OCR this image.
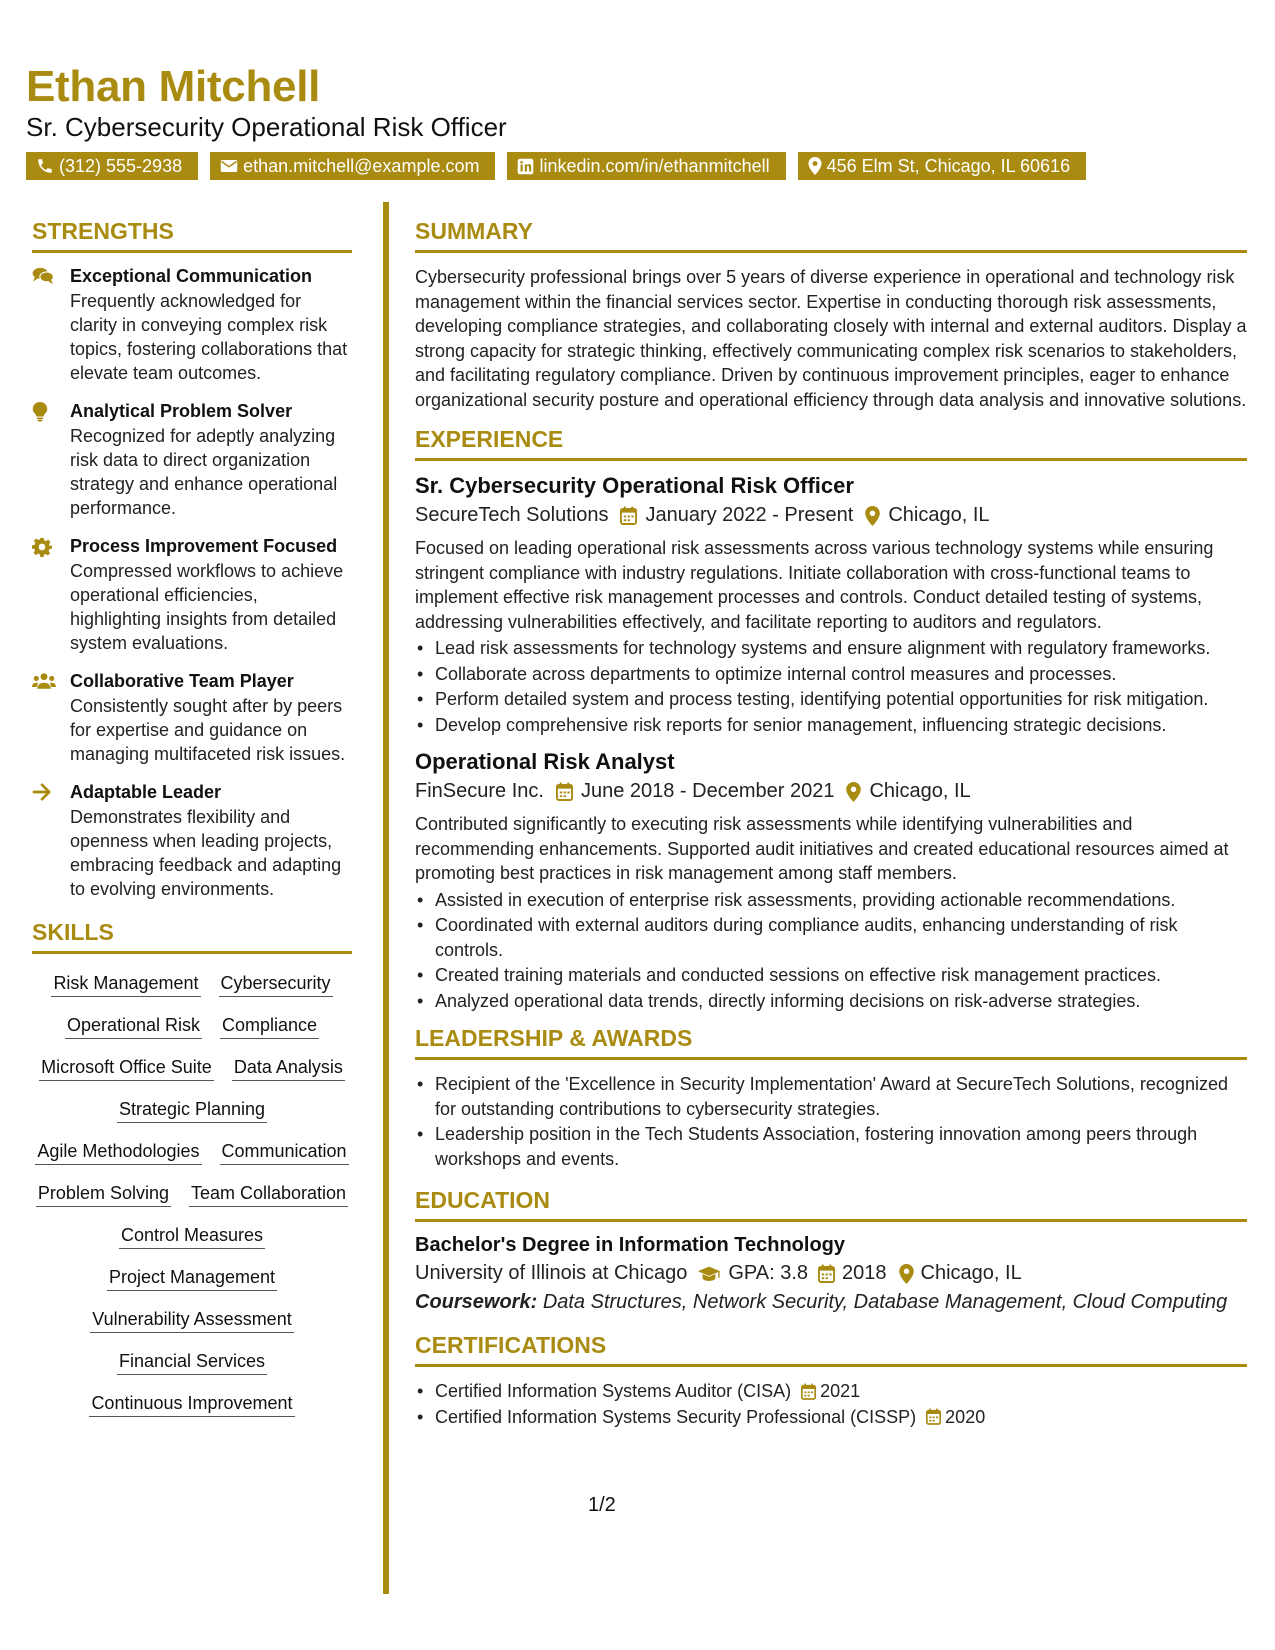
Ethan Mitchell
Sr. Cybersecurity Operational Risk Officer
(312) 555-2938	ethan.mitchell@example.com	linkedin.com/in/ethanmitchell	456 Elm St, Chicago, IL 60616
STRENGTHS
Exceptional Communication
Frequently acknowledged for clarity in conveying complex risk topics, fostering collaborations that elevate team outcomes.
Analytical Problem Solver
Recognized for adeptly analyzing risk data to direct organization strategy and enhance operational performance.
Process Improvement Focused
Compressed workflows to achieve operational efficiencies, highlighting insights from detailed system evaluations.
Collaborative Team Player
Consistently sought after by peers for expertise and guidance on managing multifaceted risk issues.
Adaptable Leader
Demonstrates flexibility and openness when leading projects, embracing feedback and adapting to evolving environments.
SKILLS
Risk Management Cybersecurity
Operational Risk Compliance
Microsoft Office Suite Data Analysis
Strategic Planning
Agile Methodologies Communication
Problem Solving Team Collaboration
Control Measures
Project Management
Vulnerability Assessment
Financial Services
Continuous Improvement
SUMMARY
Cybersecurity professional brings over 5 years of diverse experience in operational and technology risk management within the financial services sector. Expertise in conducting thorough risk assessments, developing compliance strategies, and collaborating closely with internal and external auditors. Display a strong capacity for strategic thinking, effectively communicating complex risk scenarios to stakeholders, and facilitating regulatory compliance. Driven by continuous improvement principles, eager to enhance organizational security posture and operational efficiency through data analysis and innovative solutions.
EXPERIENCE
Sr. Cybersecurity Operational Risk Officer
SecureTech Solutions January 2022 - Present Chicago, IL
Focused on leading operational risk assessments across various technology systems while ensuring stringent compliance with industry regulations. Initiate collaboration with cross-functional teams to implement effective risk management processes and controls. Conduct detailed testing of systems, addressing vulnerabilities effectively, and facilitate reporting to auditors and regulators.
• Lead risk assessments for technology systems and ensure alignment with regulatory frameworks.
• Collaborate across departments to optimize internal control measures and processes.
• Perform detailed system and process testing, identifying potential opportunities for risk mitigation.
• Develop comprehensive risk reports for senior management, influencing strategic decisions.
Operational Risk Analyst
FinSecure Inc. June 2018 - December 2021 Chicago, IL
Contributed significantly to executing risk assessments while identifying vulnerabilities and recommending enhancements. Supported audit initiatives and created educational resources aimed at promoting best practices in risk management among staff members.
• Assisted in execution of enterprise risk assessments, providing actionable recommendations.
• Coordinated with external auditors during compliance audits, enhancing understanding of risk controls.
• Created training materials and conducted sessions on effective risk management practices.
• Analyzed operational data trends, directly informing decisions on risk-adverse strategies.
LEADERSHIP & AWARDS
• Recipient of the 'Excellence in Security Implementation' Award at SecureTech Solutions, recognized for outstanding contributions to cybersecurity strategies.
• Leadership position in the Tech Students Association, fostering innovation among peers through workshops and events.
EDUCATION
Bachelor's Degree in Information Technology
University of Illinois at Chicago GPA: 3.8 2018 Chicago, IL
Coursework: Data Structures, Network Security, Database Management, Cloud Computing
CERTIFICATIONS
• Certified Information Systems Auditor (CISA) 2021
• Certified Information Systems Security Professional (CISSP) 2020
1/2
